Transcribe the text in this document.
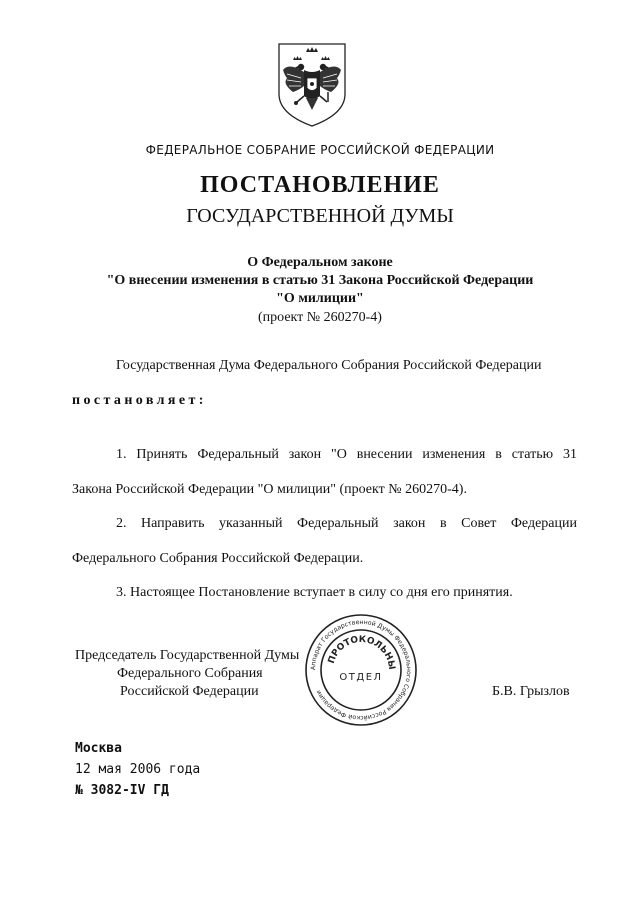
ФЕДЕРАЛЬНОЕ СОБРАНИЕ РОССИЙСКОЙ ФЕДЕРАЦИИ
ПОСТАНОВЛЕНИЕ
ГОСУДАРСТВЕННОЙ ДУМЫ
О Федеральном законе
"О внесении изменения в статью 31 Закона Российской Федерации
"О милиции"
(проект № 260270-4)
Государственная Дума Федерального Собрания Российской Федерации
постановляет:
1. Принять Федеральный закон "О внесении изменения в статью 31
Закона Российской Федерации "О милиции" (проект № 260270-4).
2. Направить указанный Федеральный закон в Совет Федерации
Федерального Собрания Российской Федерации.
3. Настоящее Постановление вступает в силу со дня его принятия.
Председатель Государственной Думы
Федерального Собрания
Российской Федерации	Б.В. Грызлов
Аппарат Государственной Думы Федерального Собрания Российской Федерации
ПРОТОКОЛЬНЫ
ОТДЕЛ
Москва
12 мая 2006 года
№ 3082-IV ГД
